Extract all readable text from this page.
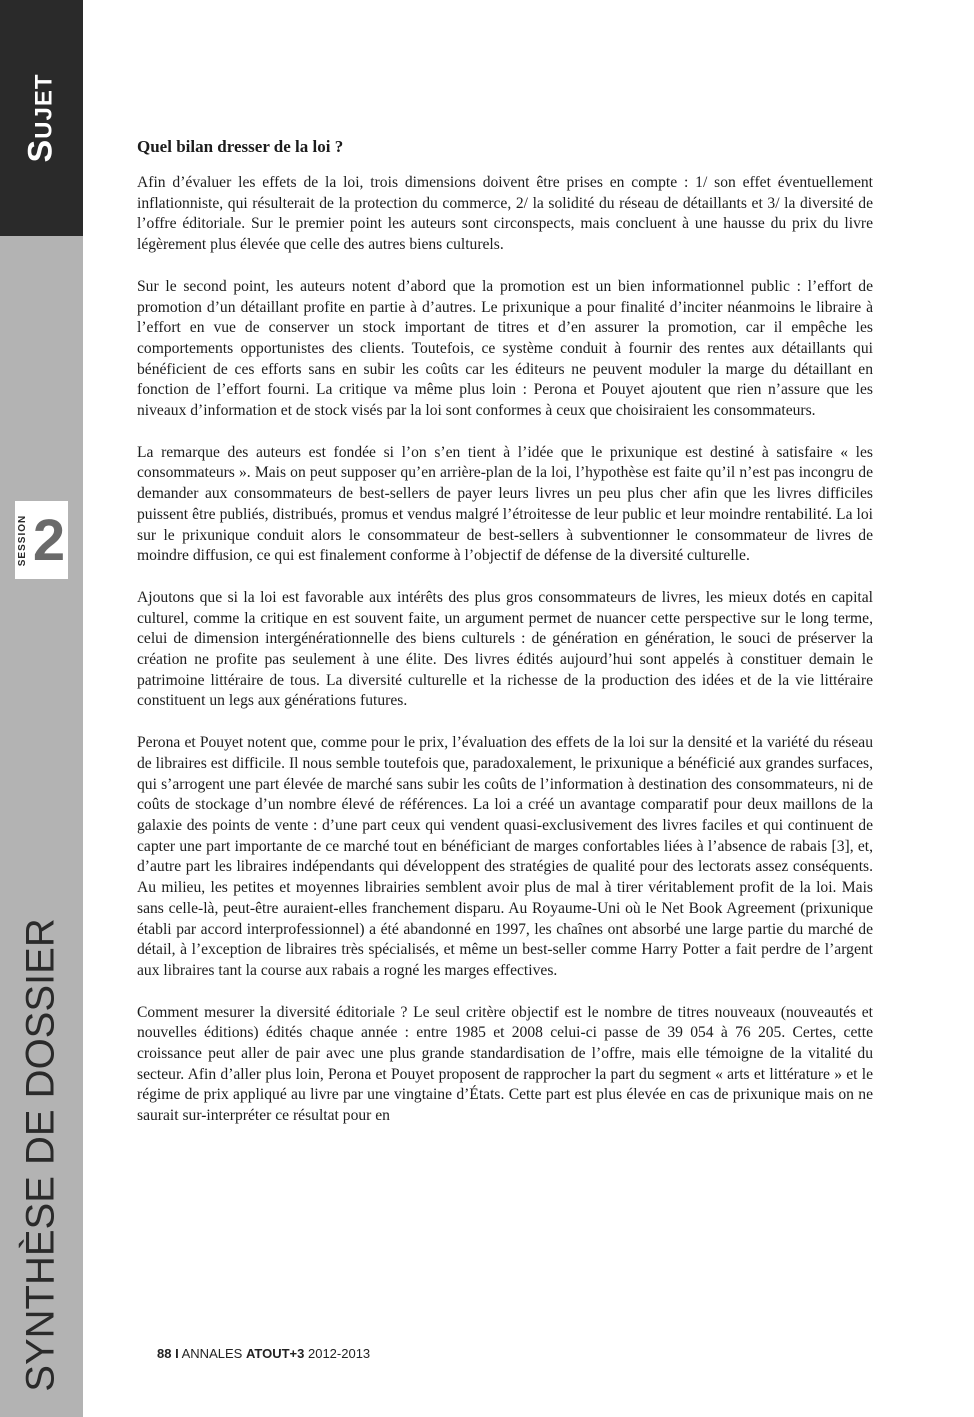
Sujet
SESSION 2
SYNTHÈSE DE DOSSIER
Quel bilan dresser de la loi ?

Afin d’évaluer les effets de la loi, trois dimensions doivent être prises en compte : 1/ son effet éventuellement inflationniste, qui résulterait de la protection du commerce, 2/ la solidité du réseau de détaillants et 3/ la diversité de l’offre éditoriale. Sur le premier point les auteurs sont circonspects, mais concluent à une hausse du prix du livre légèrement plus élevée que celle des autres biens culturels.

Sur le second point, les auteurs notent d’abord que la promotion est un bien informationnel public : l’effort de promotion d’un détaillant profite en partie à d’autres. Le prixunique a pour finalité d’inciter néanmoins le libraire à l’effort en vue de conserver un stock important de titres et d’en assurer la promotion, car il empêche les comportements opportunistes des clients. Toutefois, ce système conduit à fournir des rentes aux détaillants qui bénéficient de ces efforts sans en subir les coûts car les éditeurs ne peuvent moduler la marge du détaillant en fonction de l’effort fourni. La critique va même plus loin : Perona et Pouyet ajoutent que rien n’assure que les niveaux d’information et de stock visés par la loi sont conformes à ceux que choisiraient les consommateurs.

La remarque des auteurs est fondée si l’on s’en tient à l’idée que le prixunique est destiné à satisfaire « les consommateurs ». Mais on peut supposer qu’en arrière-plan de la loi, l’hypothèse est faite qu’il n’est pas incongru de demander aux consommateurs de best-sellers de payer leurs livres un peu plus cher afin que les livres difficiles puissent être publiés, distribués, promus et vendus malgré l’étroitesse de leur public et leur moindre rentabilité. La loi sur le prixunique conduit alors le consommateur de best-sellers à subventionner le consommateur de livres de moindre diffusion, ce qui est finalement conforme à l’objectif de défense de la diversité culturelle.

Ajoutons que si la loi est favorable aux intérêts des plus gros consommateurs de livres, les mieux dotés en capital culturel, comme la critique en est souvent faite, un argument permet de nuancer cette perspective sur le long terme, celui de dimension intergénérationnelle des biens culturels : de génération en génération, le souci de préserver la création ne profite pas seulement à une élite. Des livres édités aujourd’hui sont appelés à constituer demain le patrimoine littéraire de tous. La diversité culturelle et la richesse de la production des idées et de la vie littéraire constituent un legs aux générations futures.

Perona et Pouyet notent que, comme pour le prix, l’évaluation des effets de la loi sur la densité et la variété du réseau de libraires est difficile. Il nous semble toutefois que, paradoxalement, le prixunique a bénéficié aux grandes surfaces, qui s’arrogent une part élevée de marché sans subir les coûts de l’information à destination des consommateurs, ni de coûts de stockage d’un nombre élevé de références. La loi a créé un avantage comparatif pour deux maillons de la galaxie des points de vente : d’une part ceux qui vendent quasi-exclusivement des livres faciles et qui continuent de capter une part importante de ce marché tout en bénéficiant de marges confortables liées à l’absence de rabais [3], et, d’autre part les libraires indépendants qui développent des stratégies de qualité pour des lectorats assez conséquents. Au milieu, les petites et moyennes librairies semblent avoir plus de mal à tirer véritablement profit de la loi. Mais sans celle-là, peut-être auraient-elles franchement disparu. Au Royaume-Uni où le Net Book Agreement (prixunique établi par accord interprofessionnel) a été abandonné en 1997, les chaînes ont absorbé une large partie du marché de détail, à l’exception de libraires très spécialisés, et même un best-seller comme Harry Potter a fait perdre de l’argent aux libraires tant la course aux rabais a rogné les marges effectives.

Comment mesurer la diversité éditoriale ? Le seul critère objectif est le nombre de titres nouveaux (nouveautés et nouvelles éditions) édités chaque année : entre 1985 et 2008 celui-ci passe de 39 054 à 76 205. Certes, cette croissance peut aller de pair avec une plus grande standardisation de l’offre, mais elle témoigne de la vitalité du secteur. Afin d’aller plus loin, Perona et Pouyet proposent de rapprocher la part du segment « arts et littérature » et le régime de prix appliqué au livre par une vingtaine d’États. Cette part est plus élevée en cas de prixunique mais on ne saurait sur-interpréter ce résultat pour en

88 I ANNALES ATOUT+3 2012-2013
